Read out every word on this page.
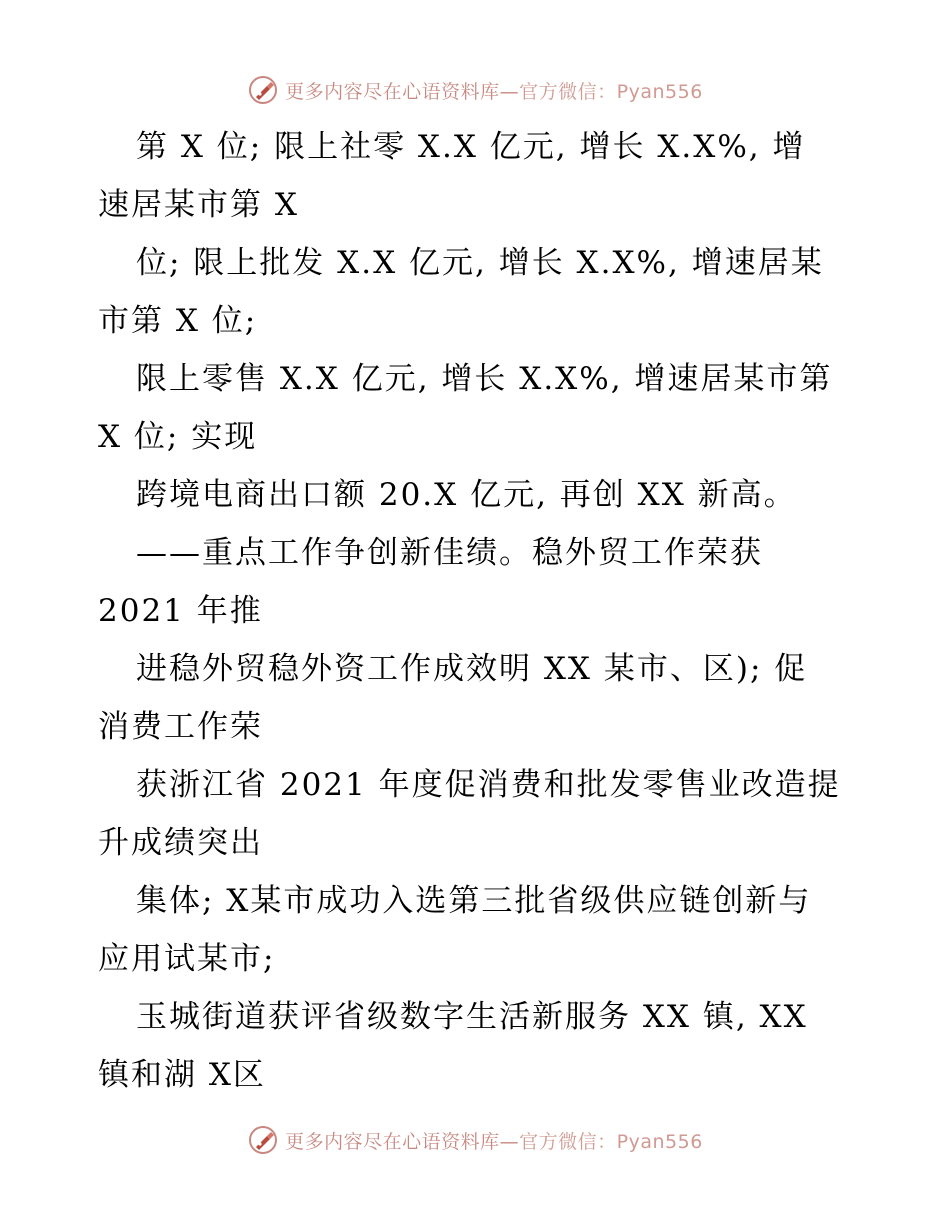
更多内容尽在心语资料库—官方微信：Pyan556
第 X 位; 限上社零 X.X 亿元, 增长 X.X%, 增
速居某市第 X
位; 限上批发 X.X 亿元, 增长 X.X%, 增速居某
市第 X 位;
限上零售 X.X 亿元, 增长 X.X%, 增速居某市第
X 位; 实现
跨境电商出口额 20.X 亿元, 再创 XX 新高。
——重点工作争创新佳绩。稳外贸工作荣获
2021 年推
进稳外贸稳外资工作成效明 XX 某市、区); 促
消费工作荣
获浙江省 2021 年度促消费和批发零售业改造提
升成绩突出
集体; X某市成功入选第三批省级供应链创新与
应用试某市;
玉城街道获评省级数字生活新服务 XX 镇, XX
镇和湖 X区
更多内容尽在心语资料库—官方微信：Pyan556
